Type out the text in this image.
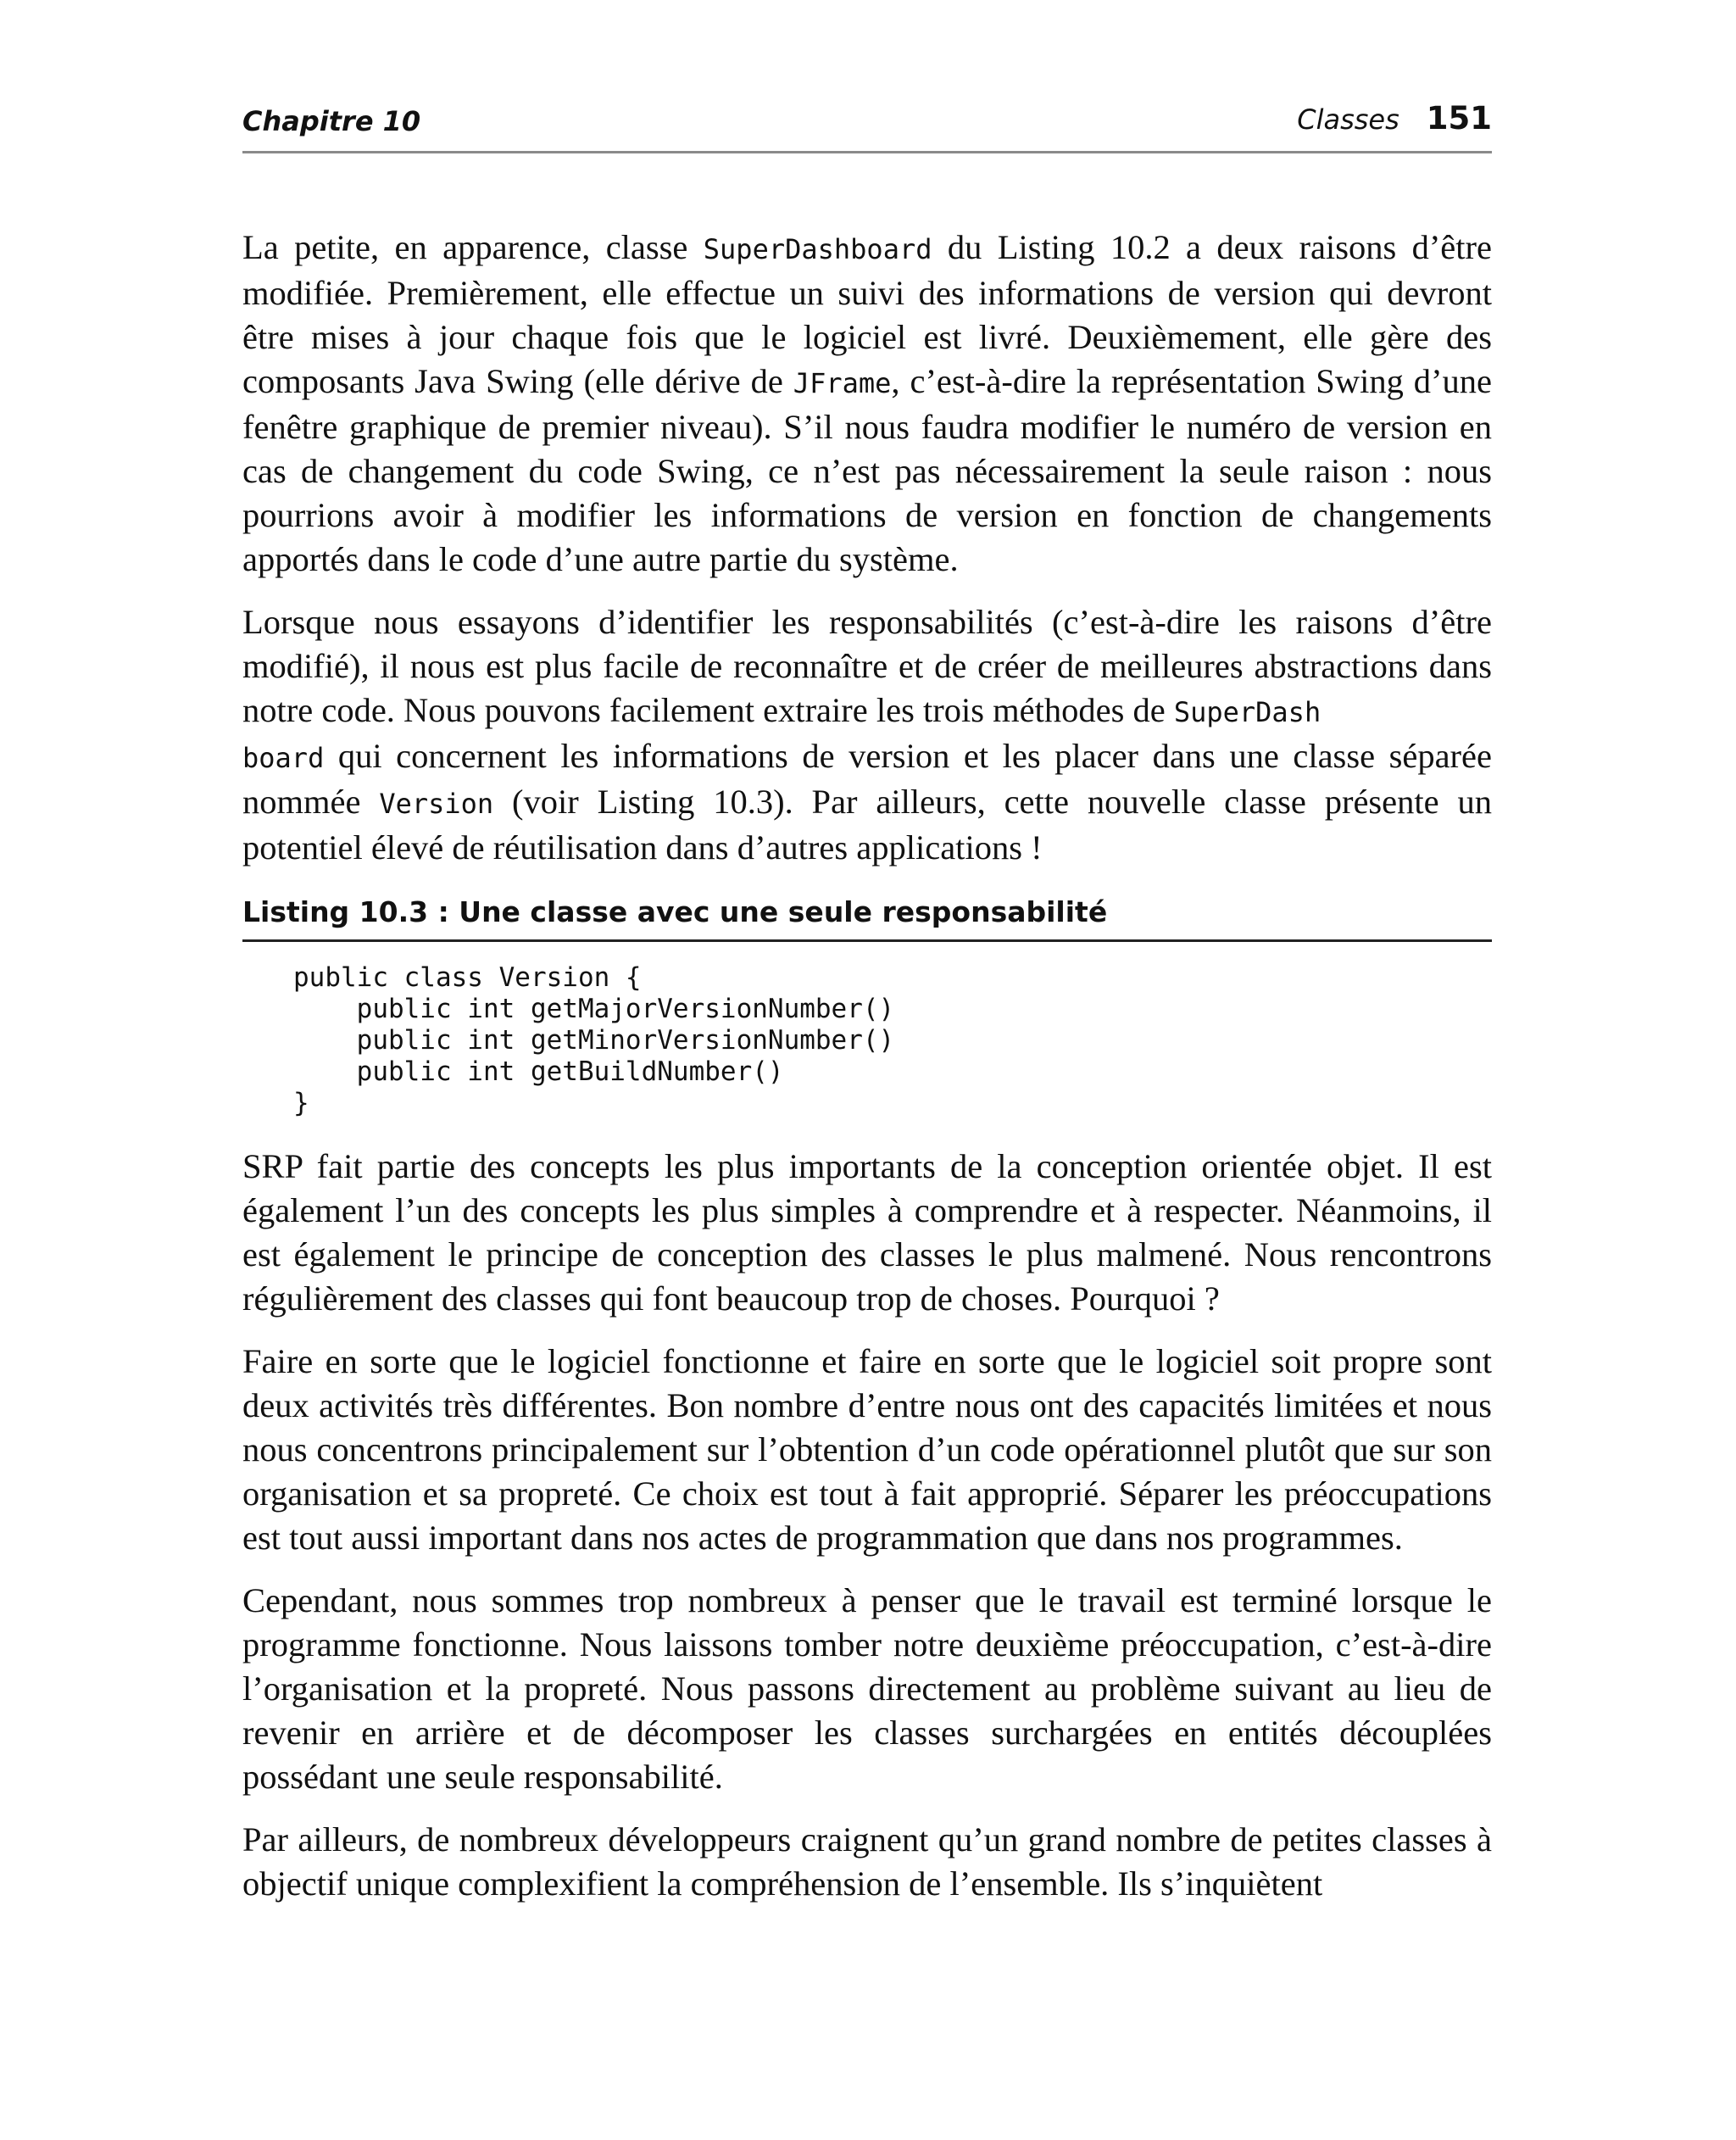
Chapitre 10	Classes 151

La petite, en apparence, classe SuperDashboard du Listing 10.2 a deux raisons d’être modifiée. Premièrement, elle effectue un suivi des informations de version qui devront être mises à jour chaque fois que le logiciel est livré. Deuxièmement, elle gère des composants Java Swing (elle dérive de JFrame, c’est-à-dire la représentation Swing d’une fenêtre graphique de premier niveau). S’il nous faudra modifier le numéro de version en cas de changement du code Swing, ce n’est pas nécessairement la seule raison : nous pourrions avoir à modifier les informations de version en fonction de changements apportés dans le code d’une autre partie du système.

Lorsque nous essayons d’identifier les responsabilités (c’est-à-dire les raisons d’être modifié), il nous est plus facile de reconnaître et de créer de meilleures abstractions dans notre code. Nous pouvons facilement extraire les trois méthodes de SuperDash
board qui concernent les informations de version et les placer dans une classe séparée nommée Version (voir Listing 10.3). Par ailleurs, cette nouvelle classe présente un potentiel élevé de réutilisation dans d’autres applications !

Listing 10.3 : Une classe avec une seule responsabilité
public class Version {
public int getMajorVersionNumber()
public int getMinorVersionNumber()
public int getBuildNumber()
}

SRP fait partie des concepts les plus importants de la conception orientée objet. Il est également l’un des concepts les plus simples à comprendre et à respecter. Néanmoins, il est également le principe de conception des classes le plus malmené. Nous rencontrons régulièrement des classes qui font beaucoup trop de choses. Pourquoi ?

Faire en sorte que le logiciel fonctionne et faire en sorte que le logiciel soit propre sont deux activités très différentes. Bon nombre d’entre nous ont des capacités limitées et nous nous concentrons principalement sur l’obtention d’un code opérationnel plutôt que sur son organisation et sa propreté. Ce choix est tout à fait approprié. Séparer les préoccupations est tout aussi important dans nos actes de programmation que dans nos programmes.

Cependant, nous sommes trop nombreux à penser que le travail est terminé lorsque le programme fonctionne. Nous laissons tomber notre deuxième préoccupation, c’est-à-dire l’organisation et la propreté. Nous passons directement au problème suivant au lieu de revenir en arrière et de décomposer les classes surchargées en entités découplées possédant une seule responsabilité.

Par ailleurs, de nombreux développeurs craignent qu’un grand nombre de petites classes à objectif unique complexifient la compréhension de l’ensemble. Ils s’inquiètent
